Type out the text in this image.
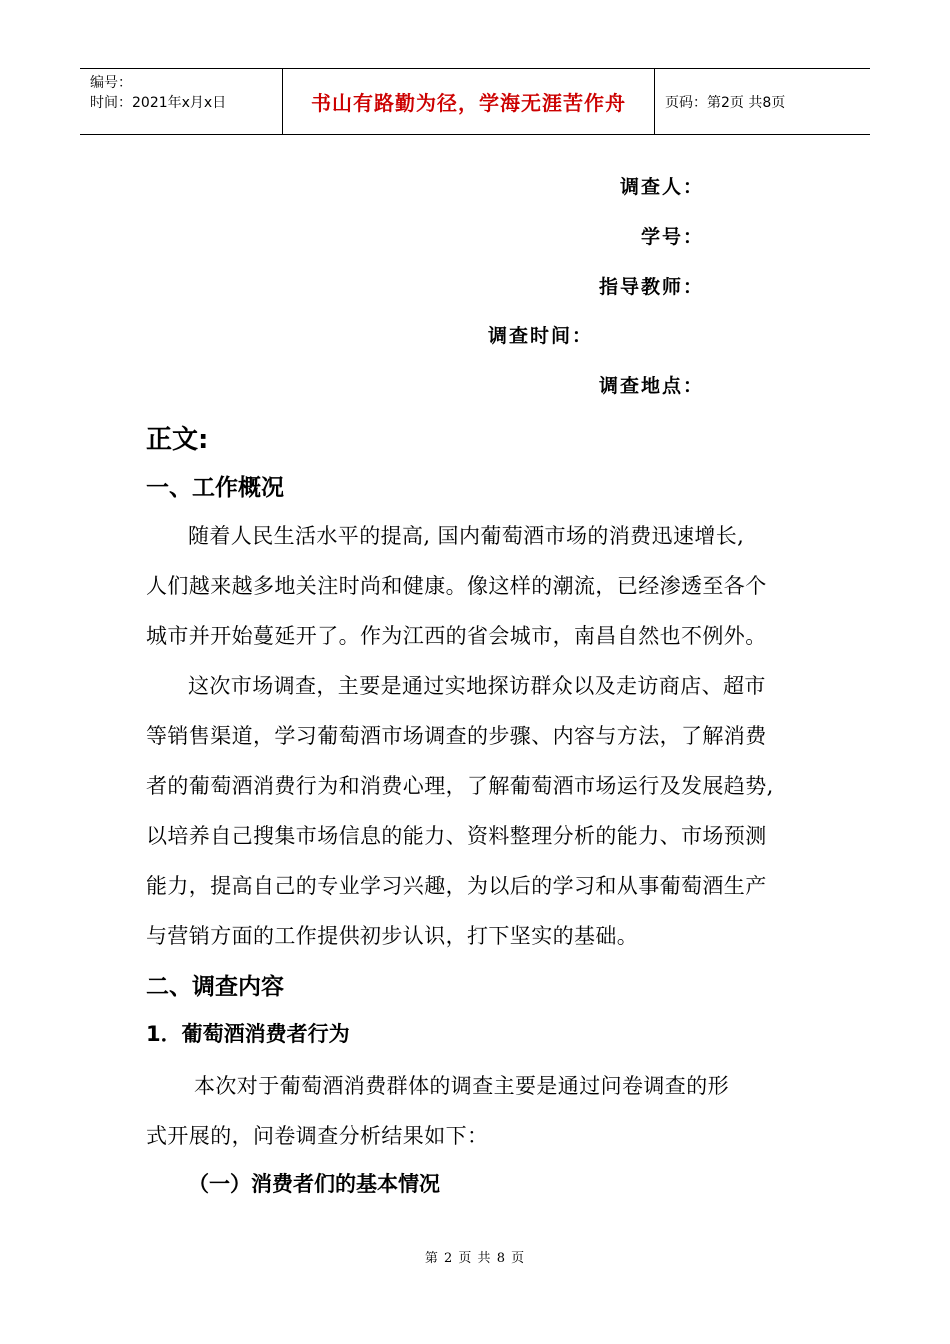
编号：
时间：2021年x月x日	书山有路勤为径，学海无涯苦作舟	页码：第2页 共8页
调查人：
学号：
指导教师：
调查时间：
调查地点：
正文:
一、工作概况
随着人民生活水平的提高, 国内葡萄酒市场的消费迅速增长,
人们越来越多地关注时尚和健康。像这样的潮流，已经渗透至各个
城市并开始蔓延开了。作为江西的省会城市，南昌自然也不例外。
这次市场调查，主要是通过实地探访群众以及走访商店、超市
等销售渠道，学习葡萄酒市场调查的步骤、内容与方法，了解消费
者的葡萄酒消费行为和消费心理，了解葡萄酒市场运行及发展趋势,
以培养自己搜集市场信息的能力、资料整理分析的能力、市场预测
能力，提高自己的专业学习兴趣，为以后的学习和从事葡萄酒生产
与营销方面的工作提供初步认识，打下坚实的基础。
二、调查内容
1．葡萄酒消费者行为
本次对于葡萄酒消费群体的调查主要是通过问卷调查的形
式开展的，问卷调查分析结果如下：
（一）消费者们的基本情况
第 2 页 共 8 页
